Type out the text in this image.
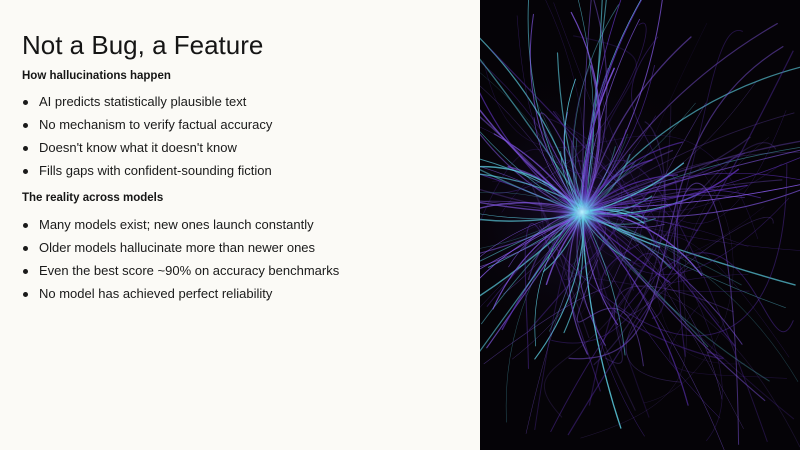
Not a Bug, a Feature
How hallucinations happen
AI predicts statistically plausible text
No mechanism to verify factual accuracy
Doesn't know what it doesn't know
Fills gaps with confident-sounding fiction
The reality across models
Many models exist; new ones launch constantly
Older models hallucinate more than newer ones
Even the best score ~90% on accuracy benchmarks
No model has achieved perfect reliability
